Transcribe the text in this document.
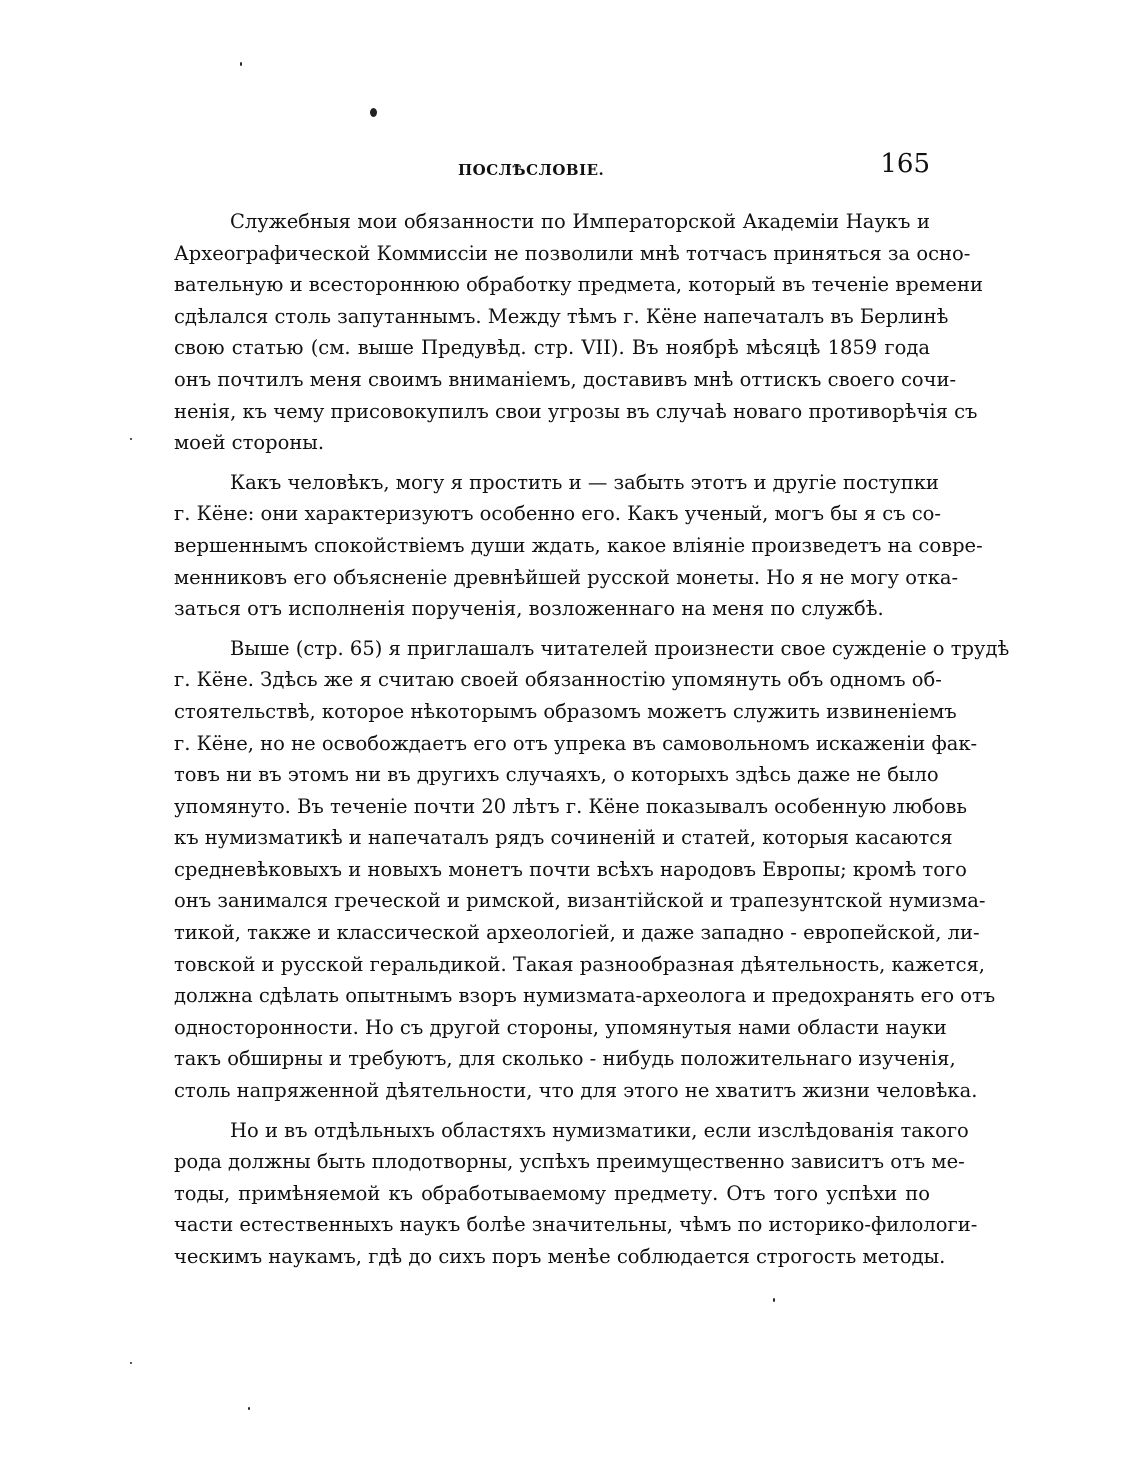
ПОСЛѢСЛОВІЕ.	165

Служебныя мои обязанности по Императорской Академіи Наукъ и
Археографической Коммиссіи не позволили мнѣ тотчасъ приняться за осно-
вательную и всестороннюю обработку предмета, который въ теченіе времени
сдѣлался столь запутаннымъ. Между тѣмъ г. Кёне напечаталъ въ Берлинѣ
свою статью (см. выше Предувѣд. стр. VII). Въ ноябрѣ мѣсяцѣ 1859 года
онъ почтилъ меня своимъ вниманіемъ, доставивъ мнѣ оттискъ своего сочи-
ненія, къ чему присовокупилъ свои угрозы въ случаѣ новаго противорѣчія съ
моей стороны.

Какъ человѣкъ, могу я простить и — забыть этотъ и другіе поступки
г. Кёне: они характеризуютъ особенно его. Какъ ученый, могъ бы я съ со-
вершеннымъ спокойствіемъ души ждать, какое вліяніе произведетъ на совре-
менниковъ его объясненіе древнѣйшей русской монеты. Но я не могу отка-
заться отъ исполненія порученія, возложеннаго на меня по службѣ.

Выше (стр. 65) я приглашалъ читателей произнести свое сужденіе о трудѣ
г. Кёне. Здѣсь же я считаю своей обязанностію упомянуть объ одномъ об-
стоятельствѣ, которое нѣкоторымъ образомъ можетъ служить извиненіемъ
г. Кёне, но не освобождаетъ его отъ упрека въ самовольномъ искаженіи фак-
товъ ни въ этомъ ни въ другихъ случаяхъ, о которыхъ здѣсь даже не было
упомянуто. Въ теченіе почти 20 лѣтъ г. Кёне показывалъ особенную любовь
къ нумизматикѣ и напечаталъ рядъ сочиненій и статей, которыя касаются
средневѣковыхъ и новыхъ монетъ почти всѣхъ народовъ Европы; кромѣ того
онъ занимался греческой и римской, византійской и трапезунтской нумизма-
тикой, также и классической археологіей, и даже западно - европейской, ли-
товской и русской геральдикой. Такая разнообразная дѣятельность, кажется,
должна сдѣлать опытнымъ взоръ нумизмата-археолога и предохранять его отъ
односторонности. Но съ другой стороны, упомянутыя нами области науки
такъ обширны и требуютъ, для сколько - нибудь положительнаго изученія,
столь напряженной дѣятельности, что для этого не хватитъ жизни человѣка.

Но и въ отдѣльныхъ областяхъ нумизматики, если изслѣдованія такого
рода должны быть плодотворны, успѣхъ преимущественно зависитъ отъ ме-
тоды, примѣняемой къ обработываемому предмету. Отъ того успѣхи по
части естественныхъ наукъ болѣе значительны, чѣмъ по историко-филологи-
ческимъ наукамъ, гдѣ до сихъ поръ менѣе соблюдается строгость методы.
